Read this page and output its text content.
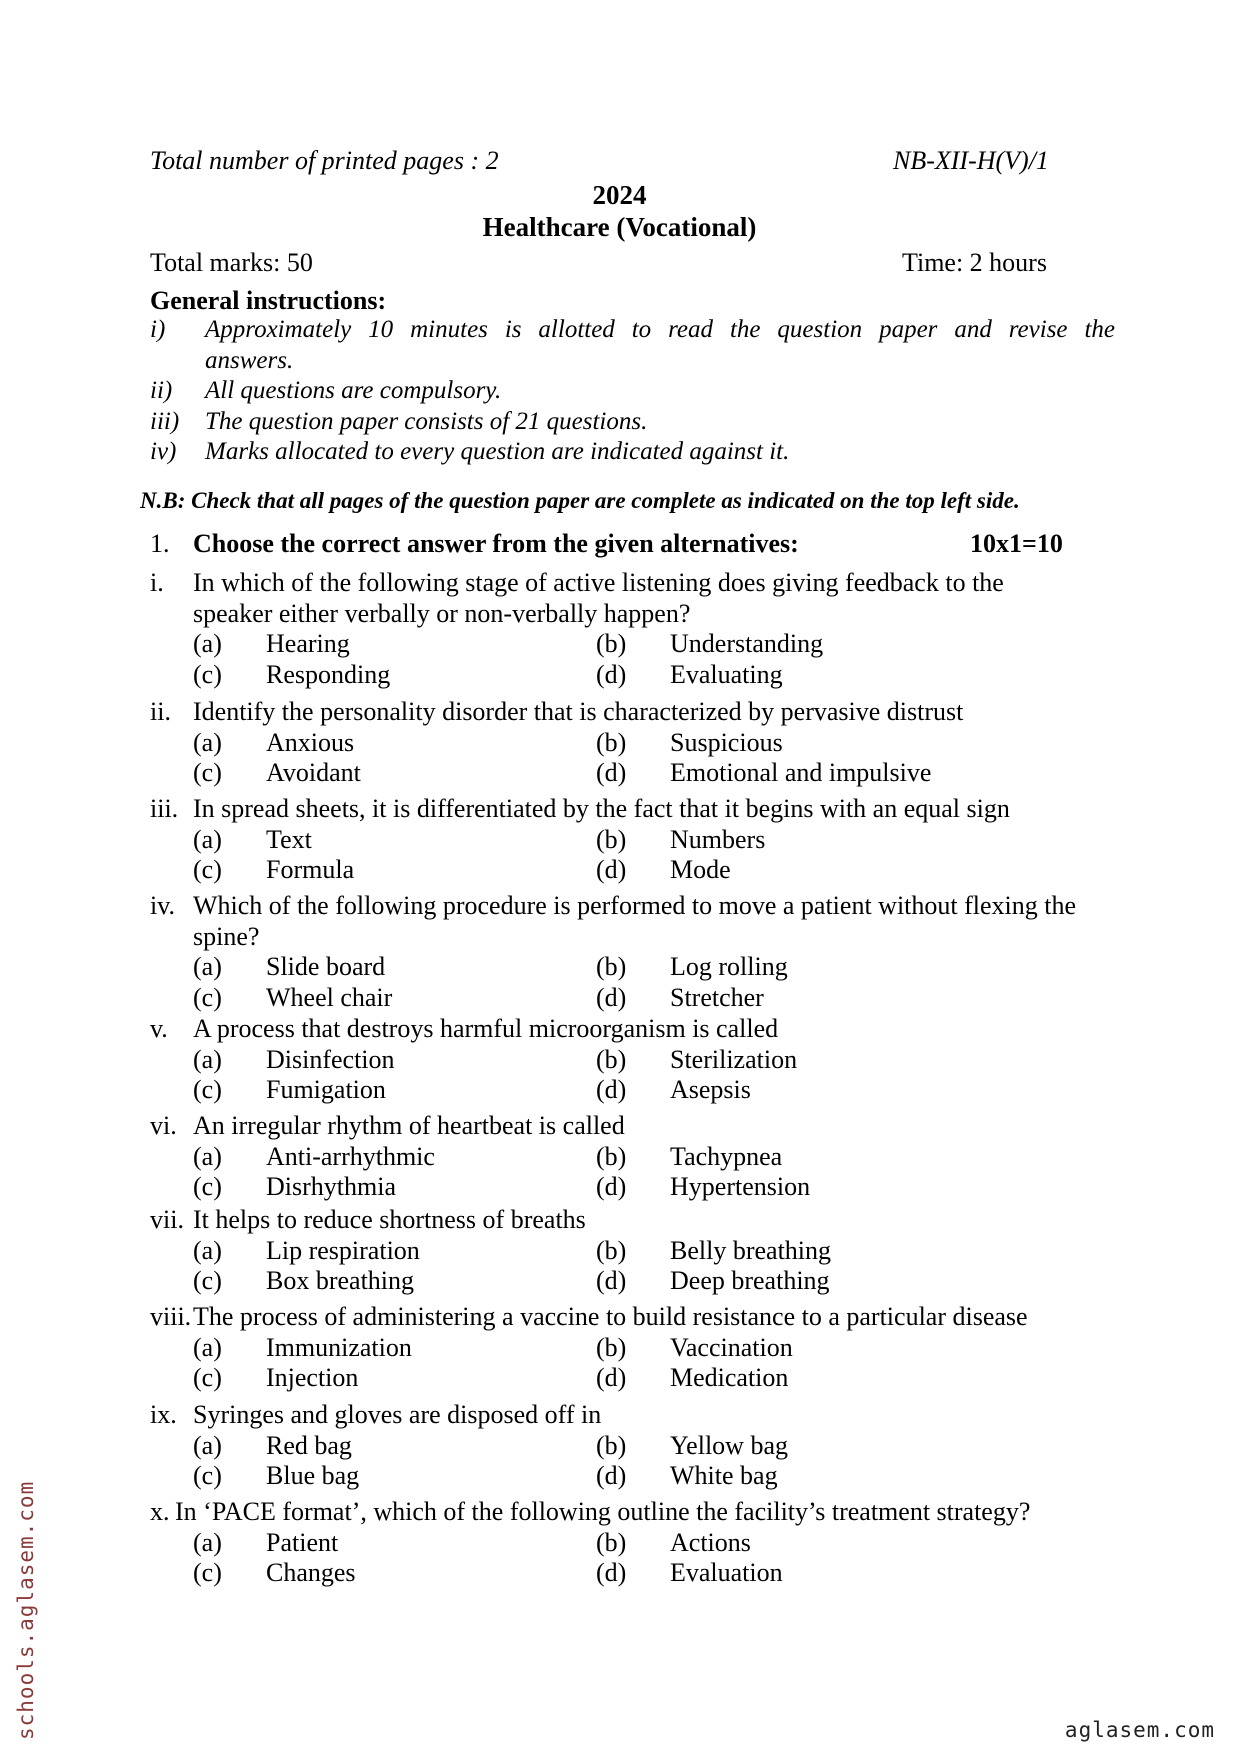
Total number of printed pages : 2	NB-XII-H(V)/1
2024
Healthcare (Vocational)
Total marks: 50	Time: 2 hours
General instructions:
i) Approximately 10 minutes is allotted to read the question paper and revise the
answers.
ii) All questions are compulsory.
iii) The question paper consists of 21 questions.
iv) Marks allocated to every question are indicated against it.
N.B: Check that all pages of the question paper are complete as indicated on the top left side.
1. Choose the correct answer from the given alternatives:	10x1=10
i. In which of the following stage of active listening does giving feedback to the
speaker either verbally or non-verbally happen?
(a) Hearing	(b) Understanding
(c) Responding	(d) Evaluating
ii. Identify the personality disorder that is characterized by pervasive distrust
(a) Anxious	(b) Suspicious
(c) Avoidant	(d) Emotional and impulsive
iii. In spread sheets, it is differentiated by the fact that it begins with an equal sign
(a) Text	(b) Numbers
(c) Formula	(d) Mode
iv. Which of the following procedure is performed to move a patient without flexing the
spine?
(a) Slide board	(b) Log rolling
(c) Wheel chair	(d) Stretcher
v. A process that destroys harmful microorganism is called
(a) Disinfection	(b) Sterilization
(c) Fumigation	(d) Asepsis
vi. An irregular rhythm of heartbeat is called
(a) Anti-arrhythmic	(b) Tachypnea
(c) Disrhythmia	(d) Hypertension
vii. It helps to reduce shortness of breaths
(a) Lip respiration	(b) Belly breathing
(c) Box breathing	(d) Deep breathing
viii. The process of administering a vaccine to build resistance to a particular disease
(a) Immunization	(b) Vaccination
(c) Injection	(d) Medication
ix. Syringes and gloves are disposed off in
(a) Red bag	(b) Yellow bag
(c) Blue bag	(d) White bag
x. In ‘PACE format’, which of the following outline the facility’s treatment strategy?
(a) Patient	(b) Actions
(c) Changes	(d) Evaluation
schools.aglasem.com	aglasem.com
